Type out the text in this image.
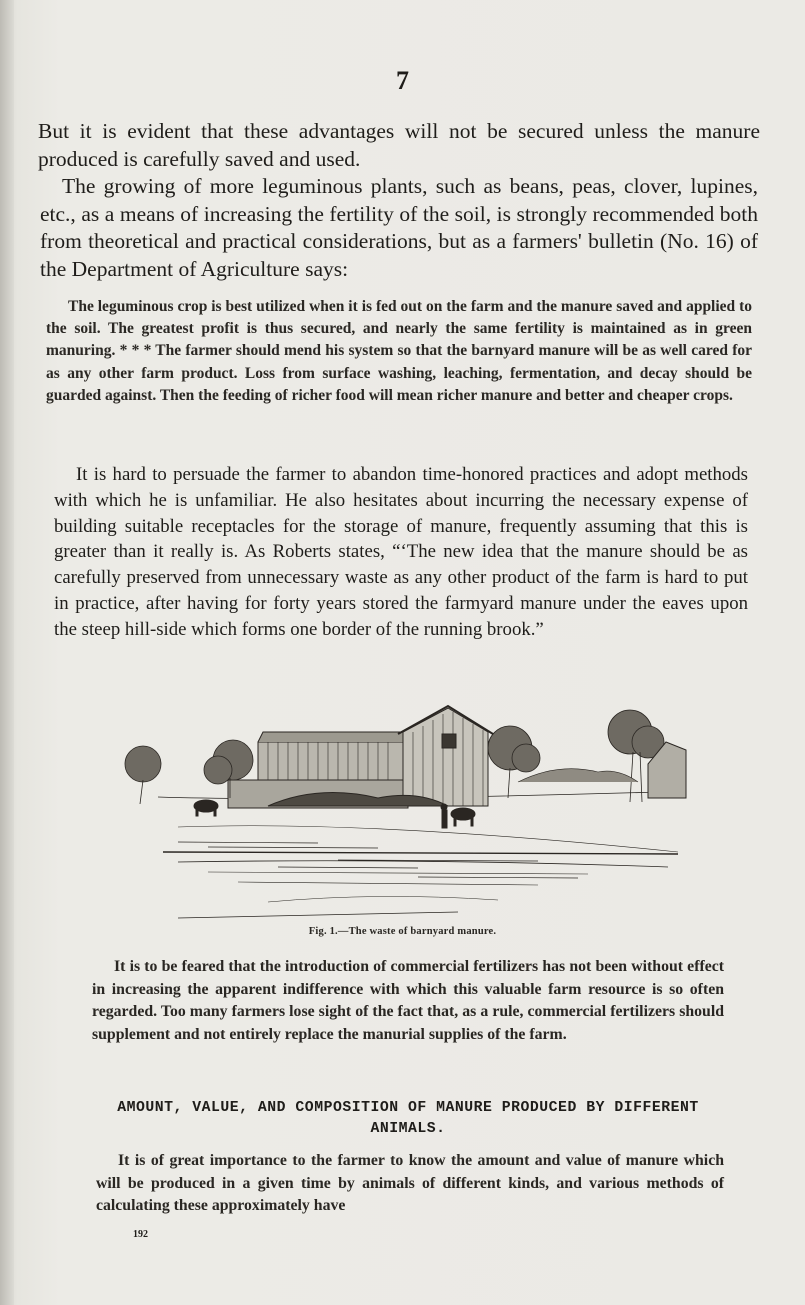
7

But it is evident that these advantages will not be secured unless the manure produced is carefully saved and used.

The growing of more leguminous plants, such as beans, peas, clover, lupines, etc., as a means of increasing the fertility of the soil, is strongly recommended both from theoretical and practical considerations, but as a farmers' bulletin (No. 16) of the Department of Agriculture says:

The leguminous crop is best utilized when it is fed out on the farm and the manure saved and applied to the soil. The greatest profit is thus secured, and nearly the same fertility is maintained as in green manuring. * * * The farmer should mend his system so that the barnyard manure will be as well cared for as any other farm product. Loss from surface washing, leaching, fermentation, and decay should be guarded against. Then the feeding of richer food will mean richer manure and better and cheaper crops.

It is hard to persuade the farmer to abandon time-honored practices and adopt methods with which he is unfamiliar. He also hesitates about incurring the necessary expense of building suitable receptacles for the storage of manure, frequently assuming that this is greater than it really is. As Roberts states, “‘The new idea that the manure should be as carefully preserved from unnecessary waste as any other product of the farm is hard to put in practice, after having for forty years stored the farmyard manure under the eaves upon the steep hill-side which forms one border of the running brook.”

Fig. 1.—The waste of barnyard manure.

It is to be feared that the introduction of commercial fertilizers has not been without effect in increasing the apparent indifference with which this valuable farm resource is so often regarded. Too many farmers lose sight of the fact that, as a rule, commercial fertilizers should supplement and not entirely replace the manurial supplies of the farm.

AMOUNT, VALUE, AND COMPOSITION OF MANURE PRODUCED BY DIFFERENT ANIMALS.

It is of great importance to the farmer to know the amount and value of manure which will be produced in a given time by animals of different kinds, and various methods of calculating these approximately have

192
